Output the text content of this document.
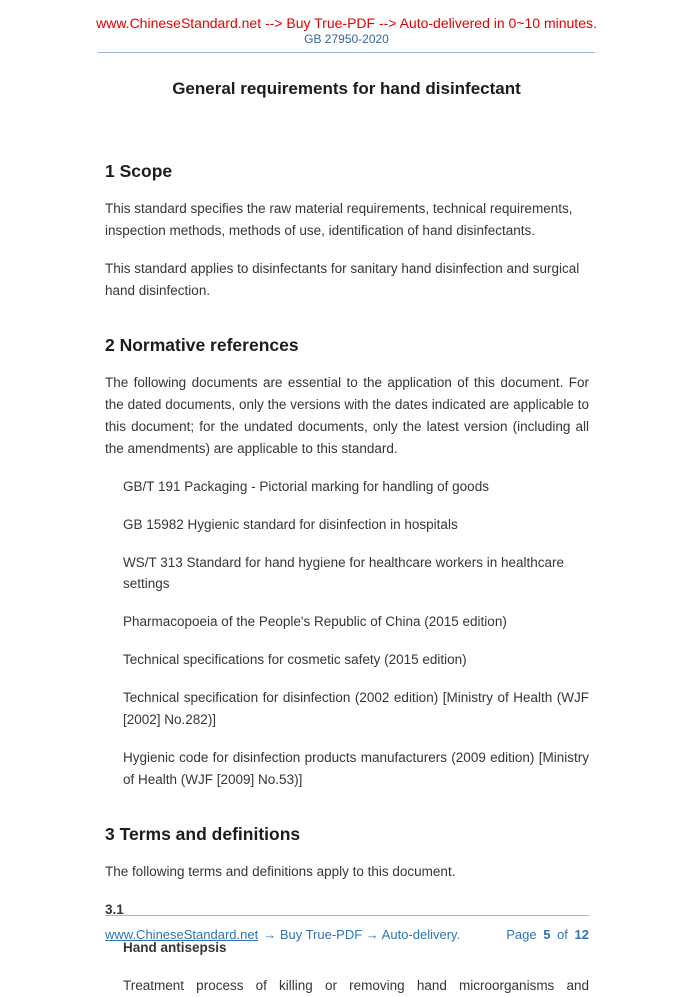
www.ChineseStandard.net --> Buy True-PDF --> Auto-delivered in 0~10 minutes.
GB 27950-2020
General requirements for hand disinfectant
1 Scope

This standard specifies the raw material requirements, technical requirements, inspection methods, methods of use, identification of hand disinfectants.

This standard applies to disinfectants for sanitary hand disinfection and surgical hand disinfection.

2 Normative references

The following documents are essential to the application of this document. For the dated documents, only the versions with the dates indicated are applicable to this document; for the undated documents, only the latest version (including all the amendments) are applicable to this standard.

GB/T 191 Packaging - Pictorial marking for handling of goods

GB 15982 Hygienic standard for disinfection in hospitals

WS/T 313 Standard for hand hygiene for healthcare workers in healthcare settings

Pharmacopoeia of the People's Republic of China (2015 edition)

Technical specifications for cosmetic safety (2015 edition)

Technical specification for disinfection (2002 edition) [Ministry of Health (WJF [2002] No.282)]

Hygienic code for disinfection products manufacturers (2009 edition) [Ministry of Health (WJF [2009] No.53)]

3 Terms and definitions

The following terms and definitions apply to this document.

3.1

Hand antisepsis

Treatment process of killing or removing hand microorganisms and

www.ChineseStandard.net → Buy True-PDF → Auto-delivery.	Page 5 of 12
